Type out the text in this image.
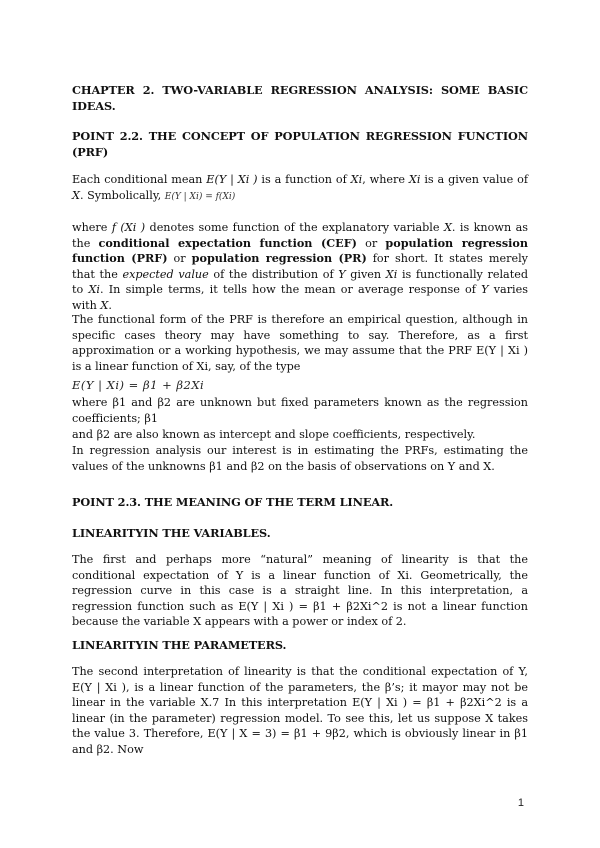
CHAPTER 2. TWO-VARIABLE REGRESSION ANALYSIS: SOME BASIC IDEAS.

POINT 2.2. THE CONCEPT OF POPULATION REGRESSION FUNCTION (PRF)

Each conditional mean E(Y | Xi ) is a function of Xi, where Xi is a given value of X. Symbolically, E(Y | Xi) = f(Xi)

where f (Xi ) denotes some function of the explanatory variable X. is known as the conditional expectation function (CEF) or population regression function (PRF) or population regression (PR) for short. It states merely that the expected value of the distribution of Y given Xi is functionally related to Xi. In simple terms, it tells how the mean or average response of Y varies with X.

The functional form of the PRF is therefore an empirical question, although in specific cases theory may have something to say. Therefore, as a first approximation or a working hypothesis, we may assume that the PRF E(Y | Xi ) is a linear function of Xi, say, of the type

E(Y | Xi) = β1 + β2Xi

where β1 and β2 are unknown but fixed parameters known as the regression coefficients; β1

and β2 are also known as intercept and slope coefficients, respectively.

In regression analysis our interest is in estimating the PRFs, estimating the values of the unknowns β1 and β2 on the basis of observations on Y and X.

POINT 2.3. THE MEANING OF THE TERM LINEAR.

LINEARITYIN THE VARIABLES.

The first and perhaps more “natural” meaning of linearity is that the conditional expectation of Y is a linear function of Xi. Geometrically, the regression curve in this case is a straight line. In this interpretation, a regression function such as E(Y | Xi ) = β1 + β2Xi^2 is not a linear function because the variable X appears with a power or index of 2.

LINEARITYIN THE PARAMETERS.

The second interpretation of linearity is that the conditional expectation of Y, E(Y | Xi ), is a linear function of the parameters, the β’s; it mayor may not be linear in the variable X.7 In this interpretation E(Y | Xi ) = β1 + β2Xi^2 is a linear (in the parameter) regression model. To see this, let us suppose X takes the value 3. Therefore, E(Y | X = 3) = β1 + 9β2, which is obviously linear in β1 and β2. Now

1
